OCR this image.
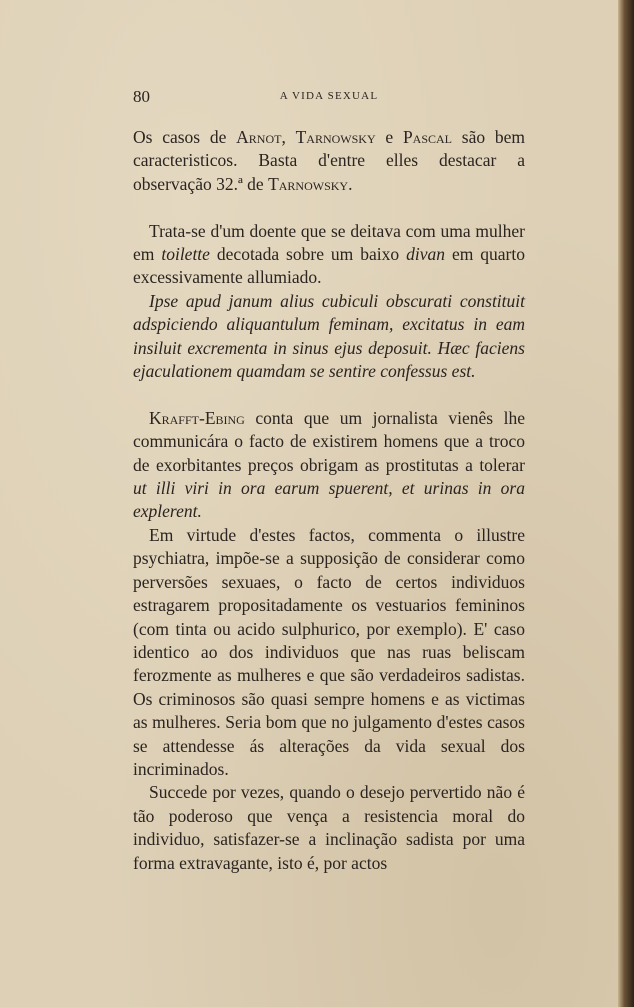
80	A VIDA SEXUAL

Os casos de Arnot, Tarnowsky e Pascal são bem caracteristicos. Basta d'entre elles destacar a observação 32.ª de Tarnowsky.

Trata-se d'um doente que se deitava com uma mulher em toilette decotada sobre um baixo divan em quarto excessivamente allumiado.

Ipse apud janum alius cubiculi obscurati constituit adspiciendo aliquantulum feminam, excitatus in eam insiluit excrementa in sinus ejus deposuit. Hæc faciens ejaculationem quamdam se sentire confessus est.

Krafft-Ebing conta que um jornalista vienês lhe communicára o facto de existirem homens que a troco de exorbitantes preços obrigam as prostitutas a tolerar ut illi viri in ora earum spuerent, et urinas in ora explerent.

Em virtude d'estes factos, commenta o illustre psychiatra, impõe-se a supposição de considerar como perversões sexuaes, o facto de certos individuos estragarem propositadamente os vestuarios femininos (com tinta ou acido sulphurico, por exemplo). E' caso identico ao dos individuos que nas ruas beliscam ferozmente as mulheres e que são verdadeiros sadistas. Os criminosos são quasi sempre homens e as victimas as mulheres. Seria bom que no julgamento d'estes casos se attendesse ás alterações da vida sexual dos incriminados.

Succede por vezes, quando o desejo pervertido não é tão poderoso que vença a resistencia moral do individuo, satisfazer-se a inclinação sadista por uma forma extravagante, isto é, por actos
